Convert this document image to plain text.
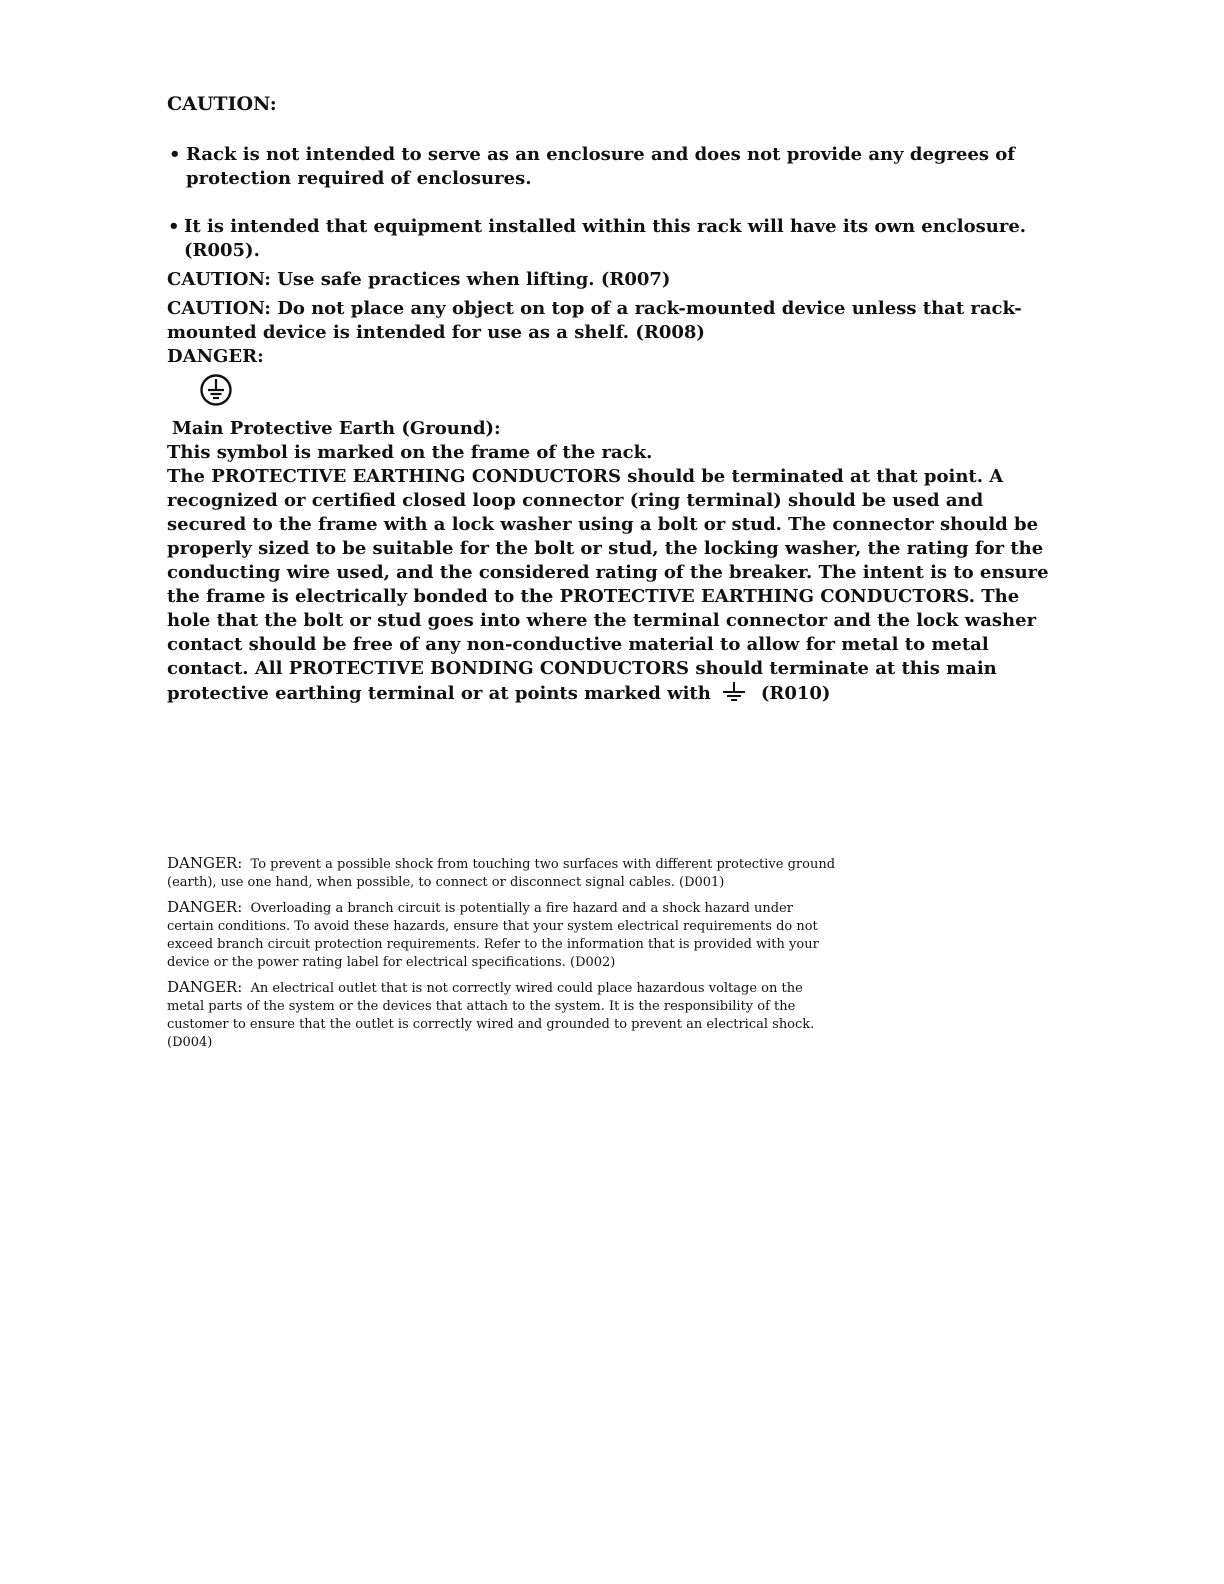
CAUTION:

• Rack is not intended to serve as an enclosure and does not provide any degrees of protection required of enclosures.

• It is intended that equipment installed within this rack will have its own enclosure. (R005).

CAUTION: Use safe practices when lifting. (R007)

CAUTION: Do not place any object on top of a rack-mounted device unless that rack-mounted device is intended for use as a shelf. (R008)

DANGER:

Main Protective Earth (Ground):

This symbol is marked on the frame of the rack.

The PROTECTIVE EARTHING CONDUCTORS should be terminated at that point. A recognized or certified closed loop connector (ring terminal) should be used and secured to the frame with a lock washer using a bolt or stud. The connector should be properly sized to be suitable for the bolt or stud, the locking washer, the rating for the conducting wire used, and the considered rating of the breaker. The intent is to ensure the frame is electrically bonded to the PROTECTIVE EARTHING CONDUCTORS. The hole that the bolt or stud goes into where the terminal connector and the lock washer contact should be free of any non-conductive material to allow for metal to metal contact. All PROTECTIVE BONDING CONDUCTORS should terminate at this main protective earthing terminal or at points marked with	(R010)

DANGER: To prevent a possible shock from touching two surfaces with different protective ground (earth), use one hand, when possible, to connect or disconnect signal cables. (D001)

DANGER: Overloading a branch circuit is potentially a fire hazard and a shock hazard under certain conditions. To avoid these hazards, ensure that your system electrical requirements do not exceed branch circuit protection requirements. Refer to the information that is provided with your device or the power rating label for electrical specifications. (D002)

DANGER: An electrical outlet that is not correctly wired could place hazardous voltage on the metal parts of the system or the devices that attach to the system. It is the responsibility of the customer to ensure that the outlet is correctly wired and grounded to prevent an electrical shock. (D004)
